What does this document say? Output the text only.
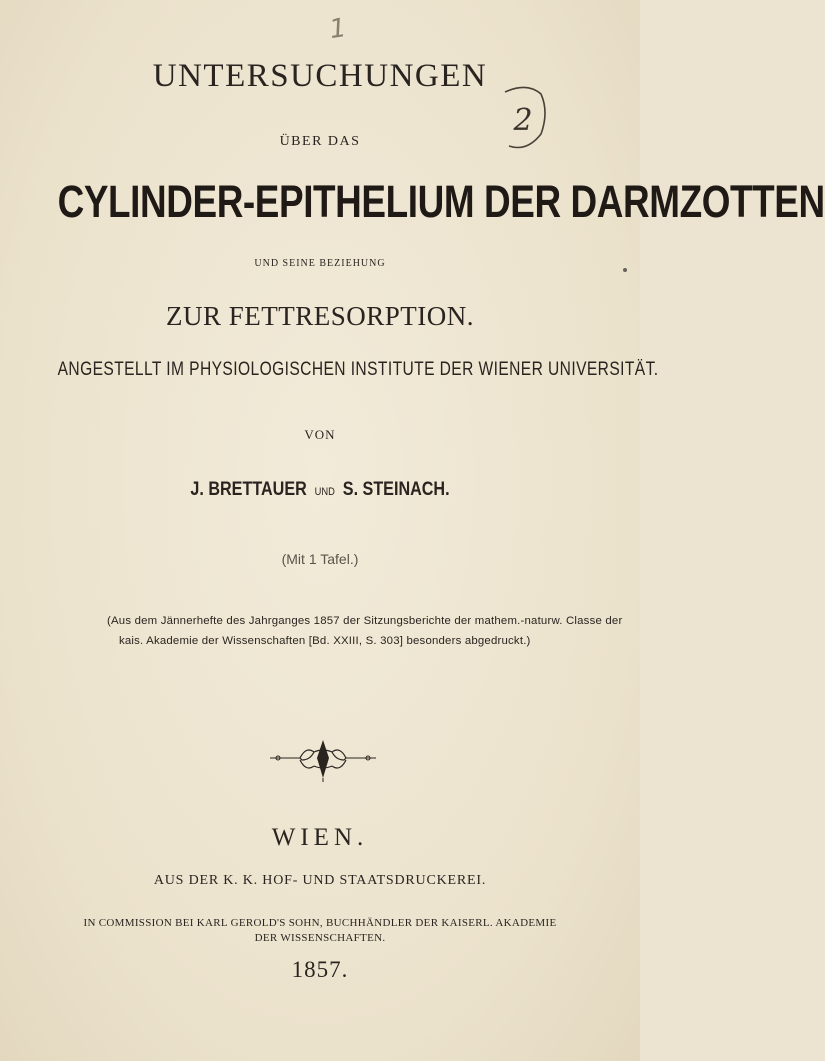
1
UNTERSUCHUNGEN
2
ÜBER DAS
CYLINDER-EPITHELIUM DER DARMZOTTEN
UND SEINE BEZIEHUNG
ZUR FETTRESORPTION.
ANGESTELLT IM PHYSIOLOGISCHEN INSTITUTE DER WIENER UNIVERSITÄT.
VON
J. BRETTAUER UND S. STEINACH.
(Mit 1 Tafel.)
(Aus dem Jännerhefte des Jahrganges 1857 der Sitzungsberichte der mathem.-naturw. Classe der kais. Akademie der Wissenschaften [Bd. XXIII, S. 303] besonders abgedruckt.)
WIEN.
AUS DER K. K. HOF- UND STAATSDRUCKEREI.
IN COMMISSION BEI KARL GEROLD'S SOHN, BUCHHÄNDLER DER KAISERL. AKADEMIE
DER WISSENSCHAFTEN.
1857.
